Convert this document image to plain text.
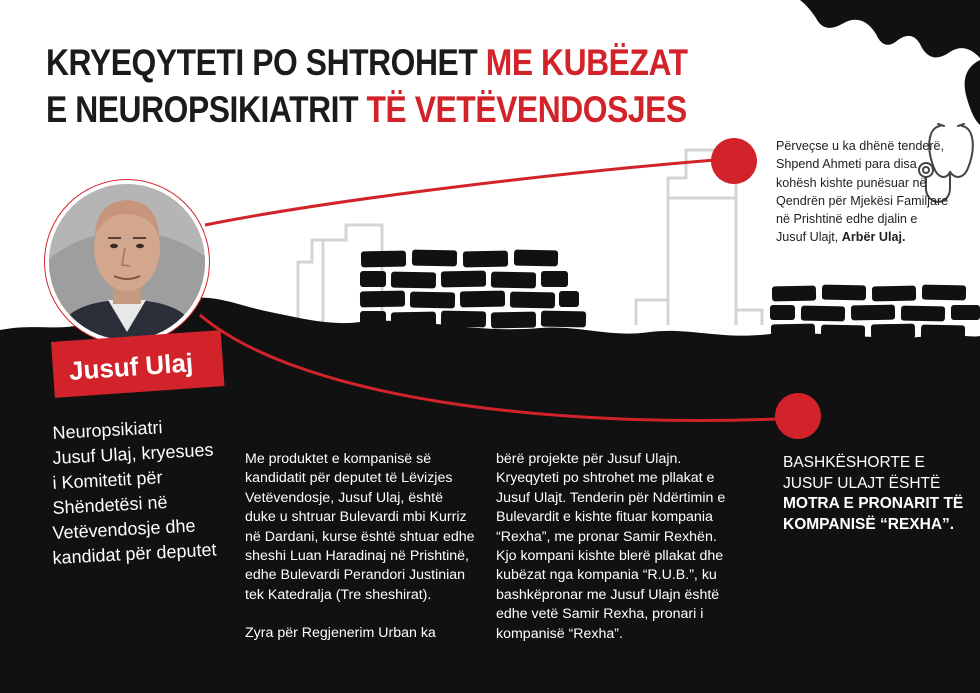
KRYEQYTETI PO SHTROHET ME KUBËZAT
E NEUROPSIKIATRIT TË VETËVENDOSJES
Përveçse u ka dhënë tenderë, Shpend Ahmeti para disa kohësh kishte punësuar në Qendrën për Mjekësi Familjare në Prishtinë edhe djalin e Jusuf Ulajt, Arbër Ulaj.
Jusuf Ulaj
Neuropsikiatri
Jusuf Ulaj, kryesues
i Komitetit për
Shëndetësi në
Vetëvendosje dhe
kandidat për deputet

Me produktet e kompanisë së kandidatit për deputet të Lëvizjes Vetëvendosje, Jusuf Ulaj, është duke u shtruar Bulevardi mbi Kurriz në Dardani, kurse është shtuar edhe sheshi Luan Haradinaj në Prishtinë, edhe Bulevardi Perandori Justinian tek Katedralja (Tre sheshirat).

Zyra për Regjenerim Urban ka

bërë projekte për Jusuf Ulajn. Kryeqyteti po shtrohet me pllakat e Jusuf Ulajt. Tenderin për Ndërtimin e Bulevardit e kishte fituar kompania “Rexha”, me pronar Samir Rexhën. Kjo kompani kishte blerë pllakat dhe kubëzat nga kompania “R.U.B.”, ku bashkëpronar me Jusuf Ulajn është edhe vetë Samir Rexha, pronari i kompanisë “Rexha”.

BASHKËSHORTE E JUSUF ULAJT ËSHTË MOTRA E PRONARIT TË KOMPANISË “REXHA”.
